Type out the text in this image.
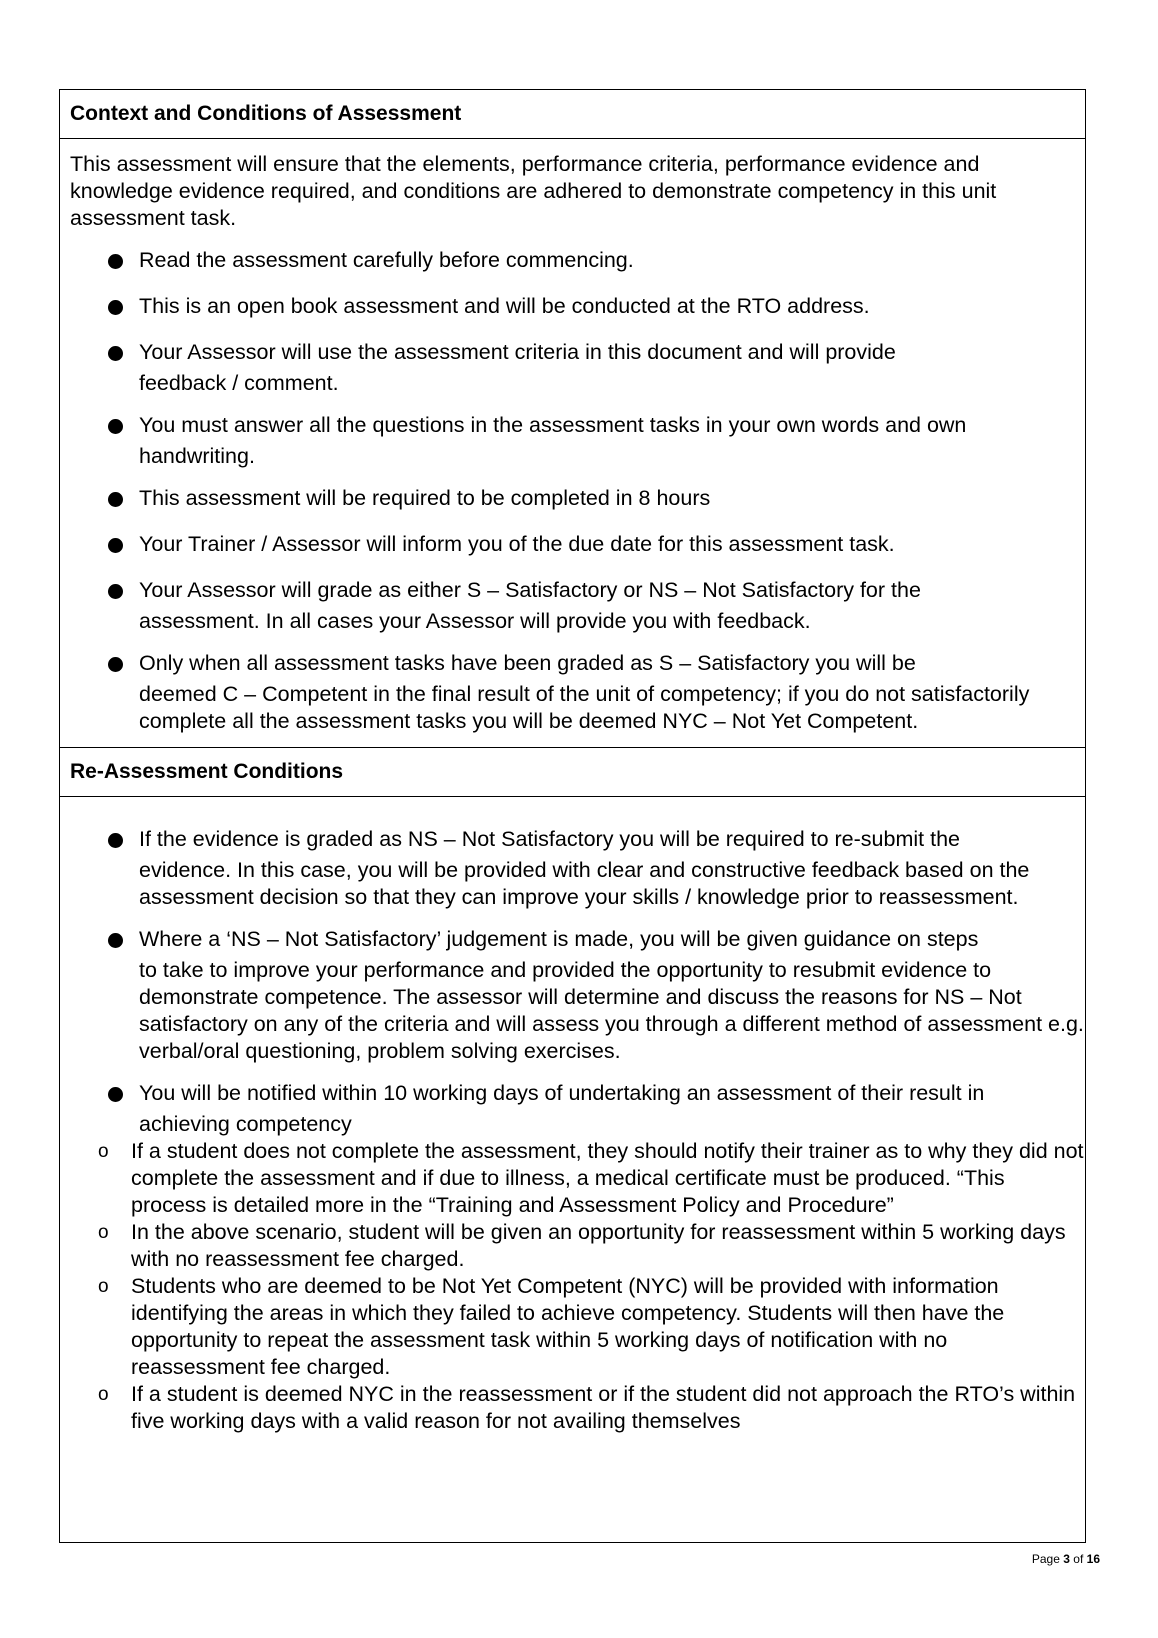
Context and Conditions of Assessment
This assessment will ensure that the elements, performance criteria, performance evidence and knowledge evidence required, and conditions are adhered to demonstrate competency in this unit assessment task.
Read the assessment carefully before commencing.
This is an open book assessment and will be conducted at the RTO address.
Your Assessor will use the assessment criteria in this document and will provide
feedback / comment.
You must answer all the questions in the assessment tasks in your own words and own
handwriting.
This assessment will be required to be completed in 8 hours
Your Trainer / Assessor will inform you of the due date for this assessment task.
Your Assessor will grade as either S – Satisfactory or NS – Not Satisfactory for the
assessment. In all cases your Assessor will provide you with feedback.
Only when all assessment tasks have been graded as S – Satisfactory you will be
deemed C – Competent in the final result of the unit of competency; if you do not satisfactorily complete all the assessment tasks you will be deemed NYC – Not Yet Competent.
Re-Assessment Conditions
If the evidence is graded as NS – Not Satisfactory you will be required to re-submit the
evidence. In this case, you will be provided with clear and constructive feedback based on the assessment decision so that they can improve your skills / knowledge prior to reassessment.
Where a ‘NS – Not Satisfactory’ judgement is made, you will be given guidance on steps
to take to improve your performance and provided the opportunity to resubmit evidence to demonstrate competence. The assessor will determine and discuss the reasons for NS – Not satisfactory on any of the criteria and will assess you through a different method of assessment e.g. verbal/oral questioning, problem solving exercises.
You will be notified within 10 working days of undertaking an assessment of their result in
achieving competency
o If a student does not complete the assessment, they should notify their trainer as to why they did not complete the assessment and if due to illness, a medical certificate must be produced. “This process is detailed more in the “Training and Assessment Policy and Procedure”
o In the above scenario, student will be given an opportunity for reassessment within 5 working days with no reassessment fee charged.
o Students who are deemed to be Not Yet Competent (NYC) will be provided with information identifying the areas in which they failed to achieve competency. Students will then have the opportunity to repeat the assessment task within 5 working days of notification with no reassessment fee charged.
o If a student is deemed NYC in the reassessment or if the student did not approach the RTO’s within five working days with a valid reason for not availing themselves
Page 3 of 16
